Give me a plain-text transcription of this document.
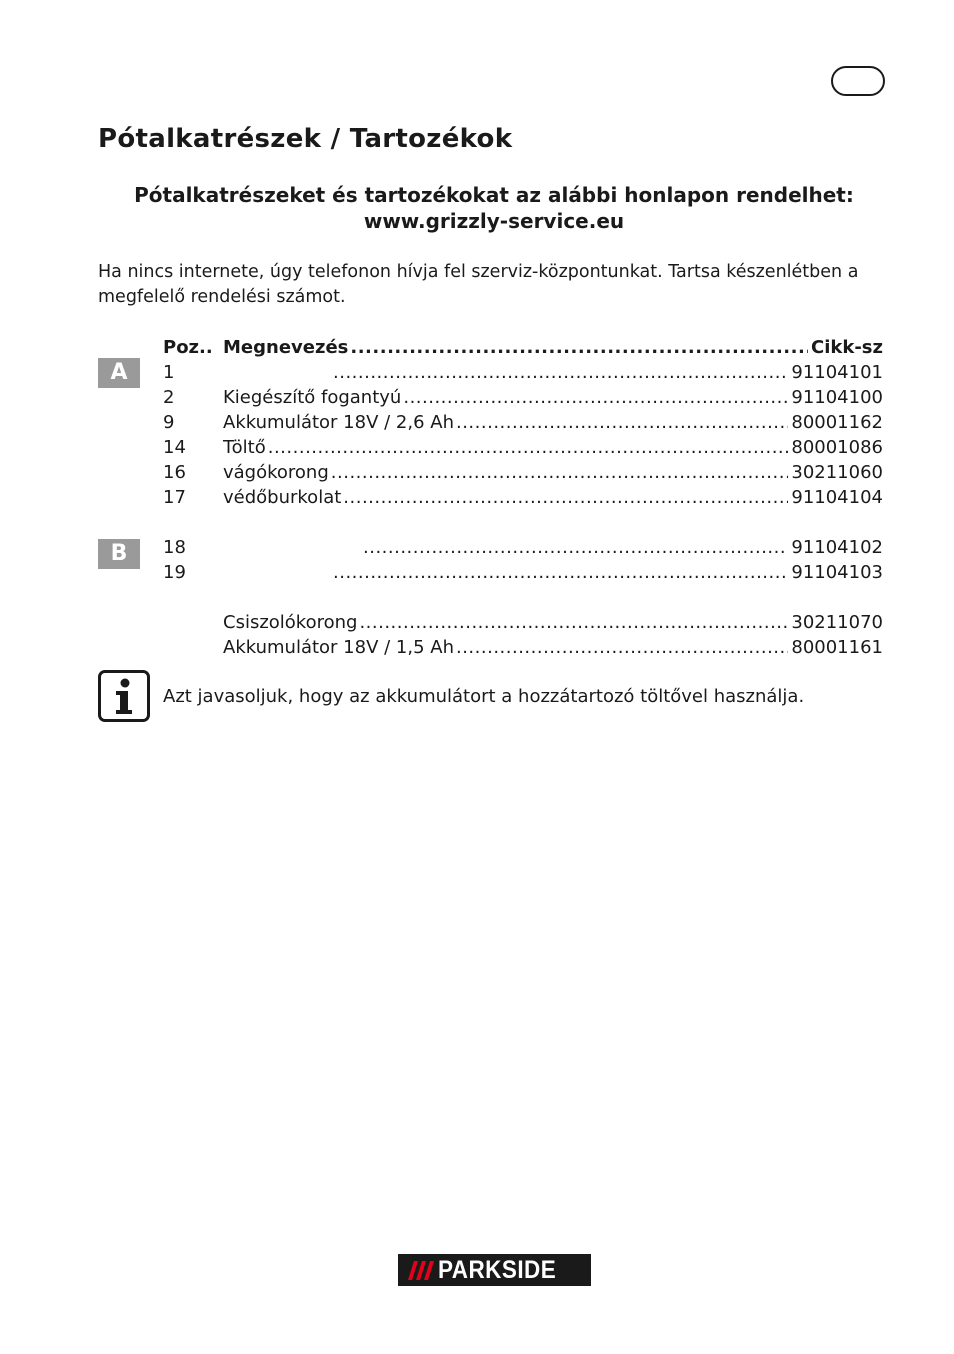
Pótalkatrészek / Tartozékok
Pótalkatrészeket és tartozékokat az alábbi honlapon rendelhet:
www.grizzly-service.eu
Ha nincs internete, úgy telefonon hívja fel szerviz-központunkat. Tartsa készenlétben a megfelelő rendelési számot.
A
B
Poz.. Megnevezés .....	Cikk-sz
1 .....	91104101
2	Kiegészítő fogantyú .....	91104100
9	Akkumulátor 18V / 2,6 Ah .....	80001162
14	Töltő .....	80001086
16	vágókorong .....	30211060
17	védőburkolat .....	91104104
18 .....	91104102
19 .....	91104103
Csiszolókorong .....	30211070
Akkumulátor 18V / 1,5 Ah .....	80001161
Azt javasoljuk, hogy az akkumulátort a hozzátartozó töltővel használja.
PARKSIDE
